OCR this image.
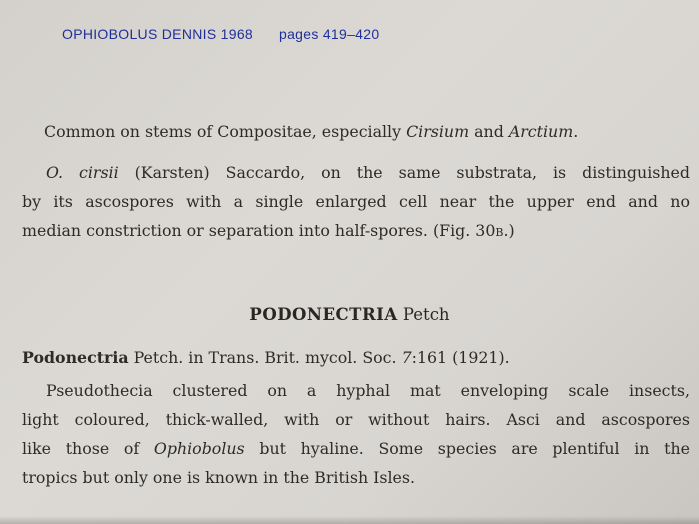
OPHIOBOLUS DENNIS 1968 pages 419–420
Common on stems of Compositae, especially Cirsium and Arctium.
O. cirsii (Karsten) Saccardo, on the same substrata, is distinguished
by its ascospores with a single enlarged cell near the upper end and no
median constriction or separation into half-spores. (Fig. 30b.)
PODONECTRIA Petch
Podonectria Petch. in Trans. Brit. mycol. Soc. 7:161 (1921).
Pseudothecia clustered on a hyphal mat enveloping scale insects,
light coloured, thick-walled, with or without hairs. Asci and ascospores
like those of Ophiobolus but hyaline. Some species are plentiful in the
tropics but only one is known in the British Isles.
